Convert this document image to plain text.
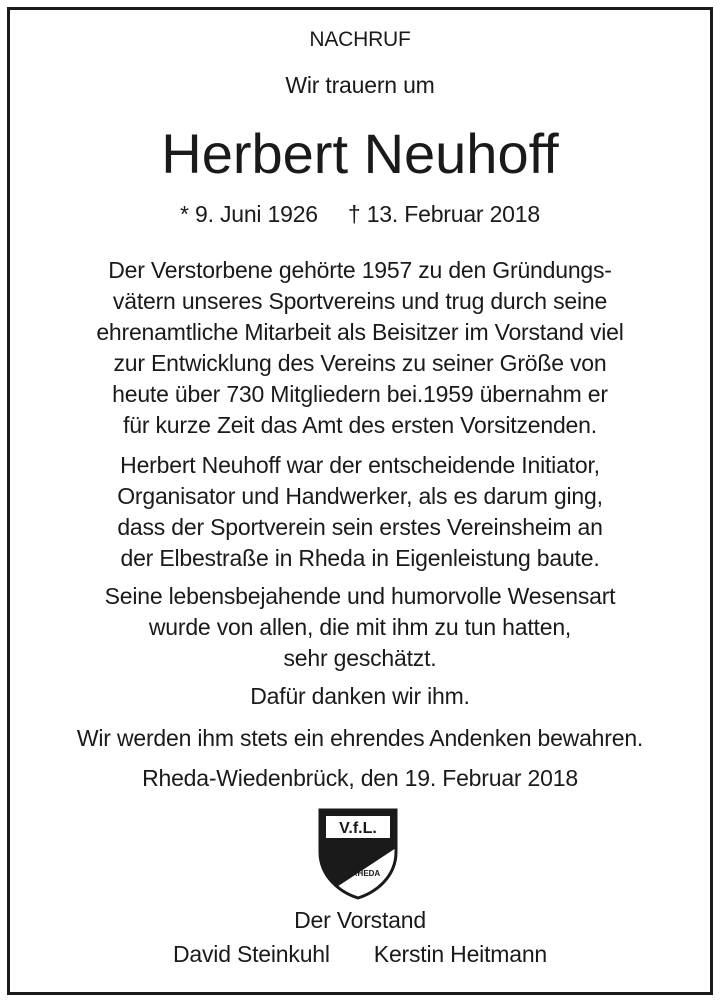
NACHRUF
Wir trauern um
Herbert Neuhoff
* 9. Juni 1926 † 13. Februar 2018
Der Verstorbene gehörte 1957 zu den Gründungs-
vätern unseres Sportvereins und trug durch seine
ehrenamtliche Mitarbeit als Beisitzer im Vorstand viel
zur Entwicklung des Vereins zu seiner Größe von
heute über 730 Mitgliedern bei.1959 übernahm er
für kurze Zeit das Amt des ersten Vorsitzenden.
Herbert Neuhoff war der entscheidende Initiator,
Organisator und Handwerker, als es darum ging,
dass der Sportverein sein erstes Vereinsheim an
der Elbestraße in Rheda in Eigenleistung baute.
Seine lebensbejahende und humorvolle Wesensart
wurde von allen, die mit ihm zu tun hatten,
sehr geschätzt.
Dafür danken wir ihm.
Wir werden ihm stets ein ehrendes Andenken bewahren.
Rheda-Wiedenbrück, den 19. Februar 2018
V.f.L.
RHEDA
Der Vorstand
David Steinkuhl Kerstin Heitmann
